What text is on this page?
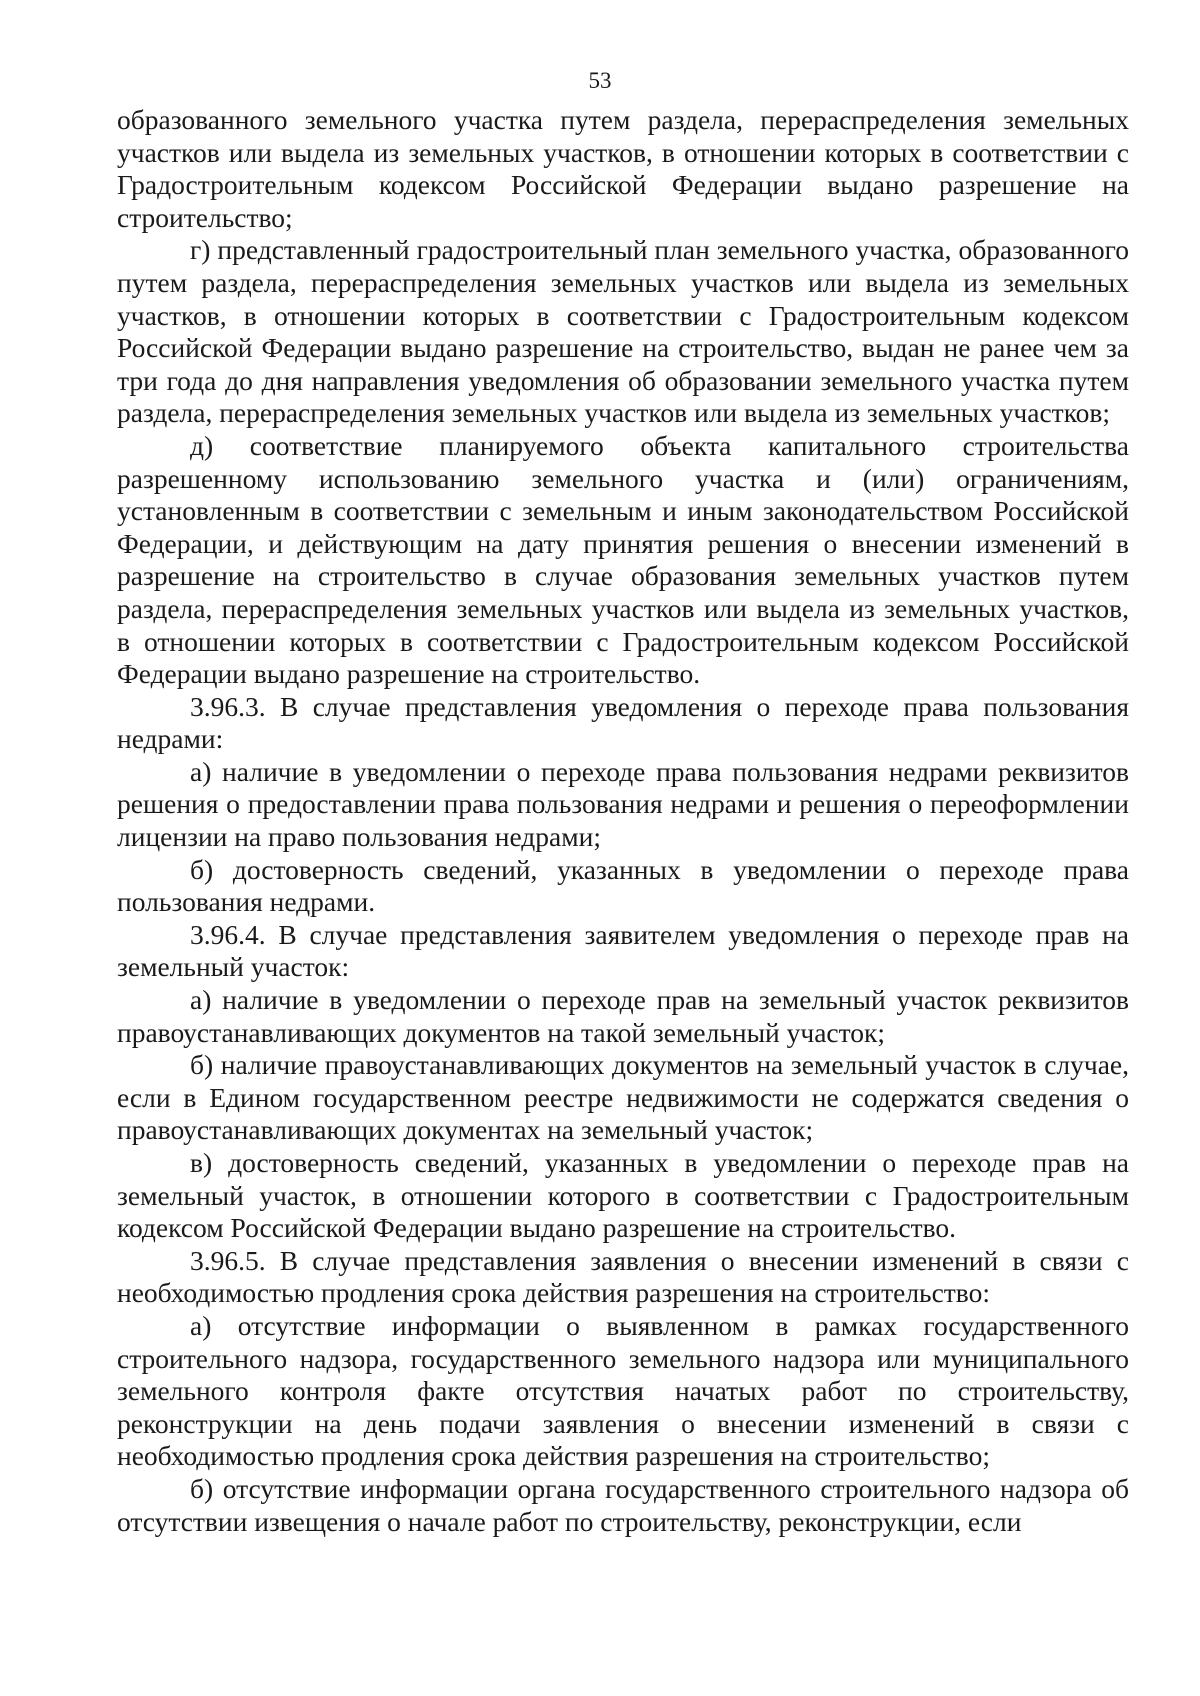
53

образованного земельного участка путем раздела, перераспределения земельных участков или выдела из земельных участков, в отношении которых в соответствии с Градостроительным кодексом Российской Федерации выдано разрешение на строительство;

г) представленный градостроительный план земельного участка, образованного путем раздела, перераспределения земельных участков или выдела из земельных участков, в отношении которых в соответствии с Градостроительным кодексом Российской Федерации выдано разрешение на строительство, выдан не ранее чем за три года до дня направления уведомления об образовании земельного участка путем раздела, перераспределения земельных участков или выдела из земельных участков;

д) соответствие планируемого объекта капитального строительства разрешенному использованию земельного участка и (или) ограничениям, установленным в соответствии с земельным и иным законодательством Российской Федерации, и действующим на дату принятия решения о внесении изменений в разрешение на строительство в случае образования земельных участков путем раздела, перераспределения земельных участков или выдела из земельных участков, в отношении которых в соответствии с Градостроительным кодексом Российской Федерации выдано разрешение на строительство.

3.96.3. В случае представления уведомления о переходе права пользования недрами:

а) наличие в уведомлении о переходе права пользования недрами реквизитов решения о предоставлении права пользования недрами и решения о переоформлении лицензии на право пользования недрами;

б) достоверность сведений, указанных в уведомлении о переходе права пользования недрами.

3.96.4. В случае представления заявителем уведомления о переходе прав на земельный участок:

а) наличие в уведомлении о переходе прав на земельный участок реквизитов правоустанавливающих документов на такой земельный участок;

б) наличие правоустанавливающих документов на земельный участок в случае, если в Едином государственном реестре недвижимости не содержатся сведения о правоустанавливающих документах на земельный участок;

в) достоверность сведений, указанных в уведомлении о переходе прав на земельный участок, в отношении которого в соответствии с Градостроительным кодексом Российской Федерации выдано разрешение на строительство.

3.96.5. В случае представления заявления о внесении изменений в связи с необходимостью продления срока действия разрешения на строительство:

а) отсутствие информации о выявленном в рамках государственного строительного надзора, государственного земельного надзора или муниципального земельного контроля факте отсутствия начатых работ по строительству, реконструкции на день подачи заявления о внесении изменений в связи с необходимостью продления срока действия разрешения на строительство;

б) отсутствие информации органа государственного строительного надзора об отсутствии извещения о начале работ по строительству, реконструкции, если
